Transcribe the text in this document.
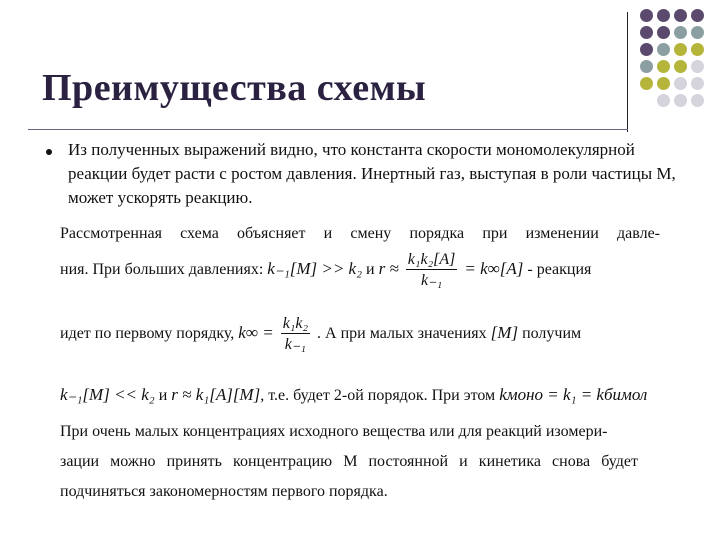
Преимущества схемы

Из полученных выражений видно, что константа скорости мономолекулярной реакции будет расти с ростом давления. Инертный газ, выступая в роли частицы M, может ускорять реакцию.

Рассмотренная схема объясняет и смену порядка при изменении давле-
ния. При больших давлениях: k₋₁[M] >> k₂ и $r \approx \frac{\text{k₁k₂[A]}}{\text{k₋₁}} = k\infty[A]$ - реакция
идет по первому порядку, $k\infty = \frac{\text{k₁k₂}}{\text{k₋₁}}$ . А при малых значениях [M] получим
k₋₁[M] << k₂ и r ≈ k₁[A][M], т.е. будет 2-ой порядок. При этом kмоно = k₁ = kбимол
При очень малых концентрациях исходного вещества или для реакций изомери-
зации можно принять концентрацию M постоянной и кинетика снова будет
подчиняться закономерностям первого порядка.
